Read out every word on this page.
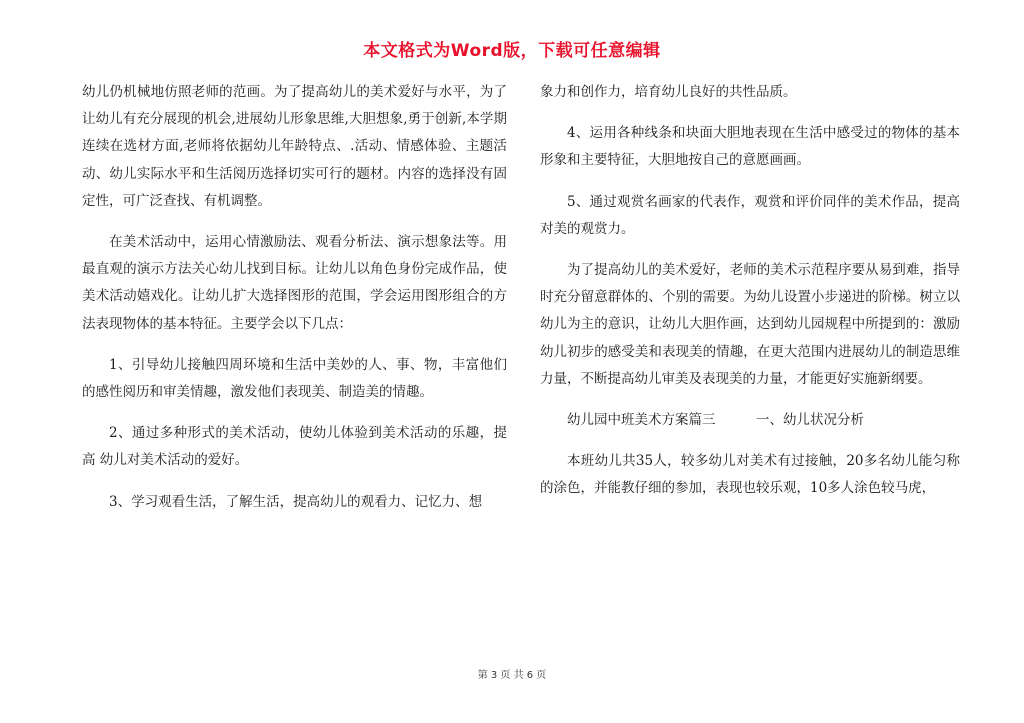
本文格式为Word版，下载可任意编辑

幼儿仍机械地仿照老师的范画。为了提高幼儿的美术爱好与水平，为了让幼儿有充分展现的机会,进展幼儿形象思维,大胆想象,勇于创新,本学期连续在选材方面,老师将依据幼儿年龄特点、.活动、情感体验、主题活动、幼儿实际水平和生活阅历选择切实可行的题材。内容的选择没有固定性，可广泛查找、有机调整。

在美术活动中，运用心情激励法、观看分析法、演示想象法等。用最直观的演示方法关心幼儿找到目标。让幼儿以角色身份完成作品，使美术活动嬉戏化。让幼儿扩大选择图形的范围，学会运用图形组合的方法表现物体的基本特征。主要学会以下几点：

1、引导幼儿接触四周环境和生活中美妙的人、事、物，丰富他们的感性阅历和审美情趣，激发他们表现美、制造美的情趣。

2、通过多种形式的美术活动，使幼儿体验到美术活动的乐趣，提高 幼儿对美术活动的爱好。

3、学习观看生活，了解生活，提高幼儿的观看力、记忆力、想

象力和创作力，培育幼儿良好的共性品质。

4、运用各种线条和块面大胆地表现在生活中感受过的物体的基本形象和主要特征，大胆地按自己的意愿画画。

5、通过观赏名画家的代表作，观赏和评价同伴的美术作品，提高对美的观赏力。

为了提高幼儿的美术爱好，老师的美术示范程序要从易到难，指导时充分留意群体的、个别的需要。为幼儿设置小步递进的阶梯。树立以幼儿为主的意识，让幼儿大胆作画，达到幼儿园规程中所提到的：激励幼儿初步的感受美和表现美的情趣，在更大范围内进展幼儿的制造思维力量，不断提高幼儿审美及表现美的力量，才能更好实施新纲要。

幼儿园中班美术方案篇三　　　一、幼儿状况分析

本班幼儿共35人，较多幼儿对美术有过接触，20多名幼儿能匀称的涂色，并能教仔细的参加，表现也较乐观，10多人涂色较马虎，

第 3 页 共 6 页
